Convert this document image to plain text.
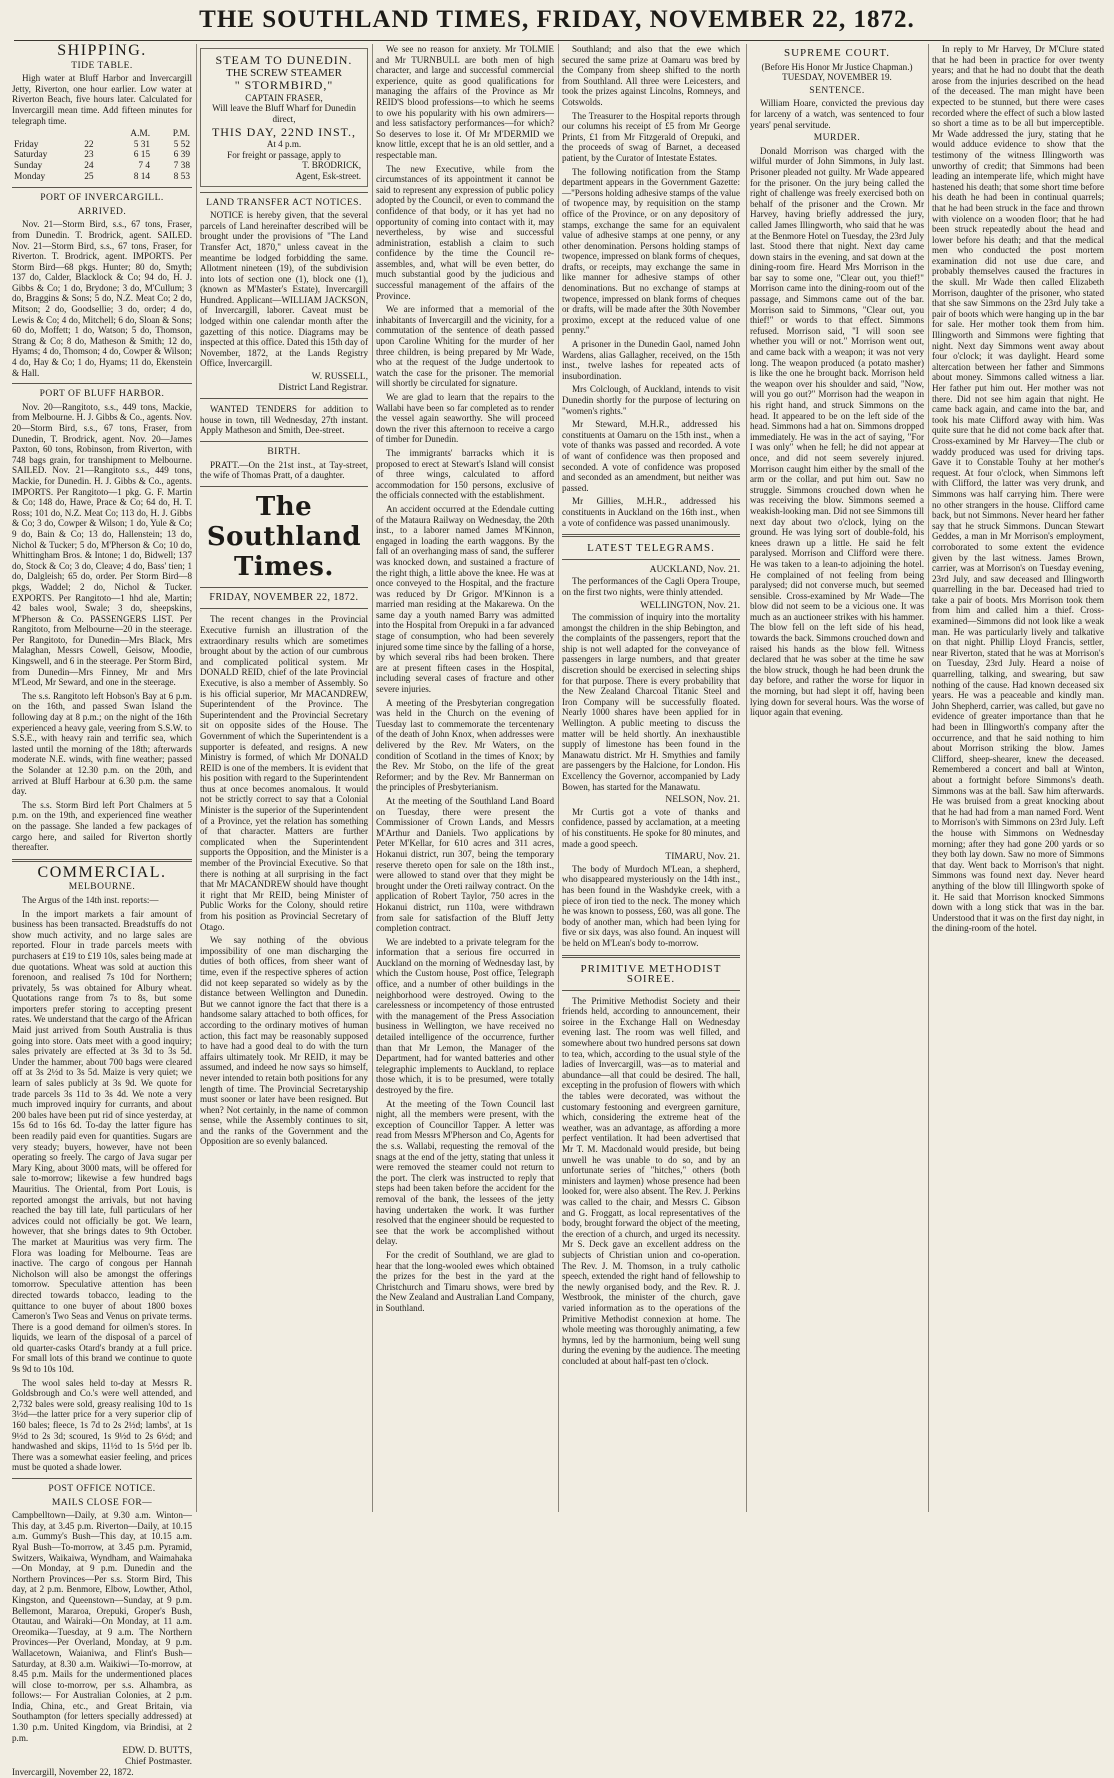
THE SOUTHLAND TIMES, FRIDAY, NOVEMBER 22, 1872.
SHIPPING.
TIDE TABLE.

High water at Bluff Harbor and Invercargill Jetty, Riverton, one hour earlier. Low water at Riverton Beach, five hours later. Calculated for Invercargill mean time. Add fifteen minutes for telegraph time.

		A.M.	P.M.
Friday	22	5 31	5 52
Saturday	23	6 15	6 39
Sunday	24	7 4	7 38
Monday	25	8 14	8 53
PORT OF INVERCARGILL.
ARRIVED.

Nov. 21—Storm Bird, s.s., 67 tons, Fraser, from Dunedin. T. Brodrick, agent. SAILED. Nov. 21—Storm Bird, s.s., 67 tons, Fraser, for Riverton. T. Brodrick, agent. IMPORTS. Per Storm Bird—68 pkgs. Hunter; 80 do, Smyth; 137 do, Calder, Blacklock & Co; 94 do, H. J. Gibbs & Co; 1 do, Brydone; 3 do, M'Cullum; 3 do, Braggins & Sons; 5 do, N.Z. Meat Co; 2 do, Mitson; 2 do, Goodsellie; 3 do, order; 4 do, Lewis & Co; 4 do, Mitchell; 6 do, Sloan & Sons; 60 do, Moffett; 1 do, Watson; 5 do, Thomson, Strang & Co; 8 do, Matheson & Smith; 12 do, Hyams; 4 do, Thomson; 4 do, Cowper & Wilson; 4 do, Hay & Co; 1 do, Hyams; 11 do, Ekenstein & Hall.

PORT OF BLUFF HARBOR.

Nov. 20—Rangitoto, s.s., 449 tons, Mackie, from Melbourne. H. J. Gibbs & Co., agents. Nov. 20—Storm Bird, s.s., 67 tons, Fraser, from Dunedin, T. Brodrick, agent. Nov. 20—James Paxton, 60 tons, Robinson, from Riverton, with 748 bags grain, for transhipment to Melbourne. SAILED. Nov. 21—Rangitoto s.s., 449 tons, Mackie, for Dunedin. H. J. Gibbs & Co., agents. IMPORTS. Per Rangitoto—1 pkg. G. F. Martin & Co; 148 do, Hawe, Prace & Co; 64 do, H. T. Ross; 101 do, N.Z. Meat Co; 113 do, H. J. Gibbs & Co; 3 do, Cowper & Wilson; 1 do, Yule & Co; 9 do, Bain & Co; 13 do, Hallenstein; 13 do, Nichol & Tucker; 5 do, M'Pherson & Co; 10 do, Whittingham Bros. & Intone; 1 do, Bidwell; 137 do, Stock & Co; 3 do, Cleave; 4 do, Bass' tien; 1 do, Dalgleish; 65 do, order. Per Storm Bird—8 pkgs, Waddel; 2 do, Nichol & Tucker. EXPORTS. Per Rangitoto—1 hhd ale, Martin; 42 bales wool, Swale; 3 do, sheepskins, M'Pherson & Co. PASSENGERS LIST. Per Rangitoto, from Melbourne—20 in the steerage. Per Rangitoto, for Dunedin—Mrs Black, Mrs Malaghan, Messrs Cowell, Geisow, Moodie, Kingswell, and 6 in the steerage. Per Storm Bird, from Dunedin—Mrs Finney, Mr and Mrs M'Leod, Mr Seward, and one in the steerage.

The s.s. Rangitoto left Hobson's Bay at 6 p.m. on the 16th, and passed Swan Island the following day at 8 p.m.; on the night of the 16th experienced a heavy gale, veering from S.S.W. to S.S.E., with heavy rain and terrific sea, which lasted until the morning of the 18th; afterwards moderate N.E. winds, with fine weather; passed the Solander at 12.30 p.m. on the 20th, and arrived at Bluff Harbour at 6.30 p.m. the same day.

The s.s. Storm Bird left Port Chalmers at 5 p.m. on the 19th, and experienced fine weather on the passage. She landed a few packages of cargo here, and sailed for Riverton shortly thereafter.

COMMERCIAL.
MELBOURNE.

The Argus of the 14th inst. reports:—

In the import markets a fair amount of business has been transacted. Breadstuffs do not show much activity, and no large sales are reported. Flour in trade parcels meets with purchasers at £19 to £19 10s, sales being made at due quotations. Wheat was sold at auction this forenoon, and realised 7s 10d for Northern; privately, 5s was obtained for Albury wheat. Quotations range from 7s to 8s, but some importers prefer storing to accepting present rates. We understand that the cargo of the African Maid just arrived from South Australia is thus going into store. Oats meet with a good inquiry; sales privately are effected at 3s 3d to 3s 5d. Under the hammer, about 700 bags were cleared off at 3s 2½d to 3s 5d. Maize is very quiet; we learn of sales publicly at 3s 9d. We quote for trade parcels 3s 11d to 3s 4d. We note a very much improved inquiry for currants, and about 200 bales have been put rid of since yesterday, at 15s 6d to 16s 6d. To-day the latter figure has been readily paid even for quantities. Sugars are very steady; buyers, however, have not been operating so freely. The cargo of Java sugar per Mary King, about 3000 mats, will be offered for sale to-morrow; likewise a few hundred bags Mauritius. The Oriental, from Port Louis, is reported amongst the arrivals, but not having reached the bay till late, full particulars of her advices could not officially be got. We learn, however, that she brings dates to 9th October. The market at Mauritius was very firm. The Flora was loading for Melbourne. Teas are inactive. The cargo of congous per Hannah Nicholson will also be amongst the offerings tomorrow. Speculative attention has been directed towards tobacco, leading to the quittance to one buyer of about 1800 boxes Cameron's Two Seas and Venus on private terms. There is a good demand for oilmen's stores. In liquids, we learn of the disposal of a parcel of old quarter-casks Otard's brandy at a full price. For small lots of this brand we continue to quote 9s 9d to 10s 10d.

The wool sales held to-day at Messrs R. Goldsbrough and Co.'s were well attended, and 2,732 bales were sold, greasy realising 10d to 1s 3½d—the latter price for a very superior clip of 160 bales; fleece, 1s 7d to 2s 2½d; lambs', at 1s 9½d to 2s 3d; scoured, 1s 9½d to 2s 6½d; and handwashed and skips, 11½d to 1s 5½d per lb. There was a somewhat easier feeling, and prices must be quoted a shade lower.

POST OFFICE NOTICE.
MAILS CLOSE FOR—

Campbelltown—Daily, at 9.30 a.m. Winton—This day, at 3.45 p.m. Riverton—Daily, at 10.15 a.m. Gummy's Bush—This day, at 10.15 a.m. Ryal Bush—To-morrow, at 3.45 p.m. Pyramid, Switzers, Waikaiwa, Wyndham, and Waimahaka—On Monday, at 9 p.m. Dunedin and the Northern Provinces—Per s.s. Storm Bird, This day, at 2 p.m. Benmore, Elbow, Lowther, Athol, Kingston, and Queenstown—Sunday, at 9 p.m. Bellemont, Mararoa, Orepuki, Groper's Bush, Otautau, and Wairaki—On Monday, at 11 a.m. Oreomika—Tuesday, at 9 a.m. The Northern Provinces—Per Overland, Monday, at 9 p.m. Wallacetown, Waianiwa, and Flint's Bush—Saturday, at 8.30 a.m. Waikiwi—To-morrow, at 8.45 p.m. Mails for the undermentioned places will close to-morrow, per s.s. Alhambra, as follows:— For Australian Colonies, at 2 p.m. India, China, etc., and Great Britain, via Southampton (for letters specially addressed) at 1.30 p.m. United Kingdom, via Brindisi, at 2 p.m.

EDW. D. BUTTS,
Chief Postmaster.
Invercargill, November 22, 1872.
STEAM TO DUNEDIN.
THE SCREW STEAMER
" STORMBIRD,"
CAPTAIN FRASER,
Will leave the Bluff Wharf for Dunedin direct,
THIS DAY, 22ND INST.,
At 4 p.m.
For freight or passage, apply to
T. BRODRICK,
Agent, Esk-street.
LAND TRANSFER ACT NOTICES.

NOTICE is hereby given, that the several parcels of Land hereinafter described will be brought under the provisions of "The Land Transfer Act, 1870," unless caveat in the meantime be lodged forbidding the same. Allotment nineteen (19), of the subdivision into lots of section one (1), block one (1), (known as M'Master's Estate), Invercargill Hundred. Applicant—WILLIAM JACKSON, of Invercargill, laborer. Caveat must be lodged within one calendar month after the gazetting of this notice. Diagrams may be inspected at this office. Dated this 15th day of November, 1872, at the Lands Registry Office, Invercargill.

W. RUSSELL,
District Land Registrar.

WANTED TENDERS for addition to house in town, till Wednesday, 27th instant. Apply Matheson and Smith, Dee-street.

BIRTH.

PRATT.—On the 21st inst., at Tay-street, the wife of Thomas Pratt, of a daughter.

The Southland Times.
FRIDAY, NOVEMBER 22, 1872.

The recent changes in the Provincial Executive furnish an illustration of the extraordinary results which are sometimes brought about by the action of our cumbrous and complicated political system. Mr DONALD REID, chief of the late Provincial Executive, is also a member of Assembly. So is his official superior, Mr MACANDREW, Superintendent of the Province. The Superintendent and the Provincial Secretary sit on opposite sides of the House. The Government of which the Superintendent is a supporter is defeated, and resigns. A new Ministry is formed, of which Mr DONALD REID is one of the members. It is evident that his position with regard to the Superintendent thus at once becomes anomalous. It would not be strictly correct to say that a Colonial Minister is the superior of the Superintendent of a Province, yet the relation has something of that character. Matters are further complicated when the Superintendent supports the Opposition, and the Minister is a member of the Provincial Executive. So that there is nothing at all surprising in the fact that Mr MACANDREW should have thought it right that Mr REID, being Minister of Public Works for the Colony, should retire from his position as Provincial Secretary of Otago.

We say nothing of the obvious impossibility of one man discharging the duties of both offices, from sheer want of time, even if the respective spheres of action did not keep separated so widely as by the distance between Wellington and Dunedin. But we cannot ignore the fact that there is a handsome salary attached to both offices, for according to the ordinary motives of human action, this fact may be reasonably supposed to have had a good deal to do with the turn affairs ultimately took. Mr REID, it may be assumed, and indeed he now says so himself, never intended to retain both positions for any length of time. The Provincial Secretaryship must sooner or later have been resigned. But when? Not certainly, in the name of common sense, while the Assembly continues to sit, and the ranks of the Government and the Opposition are so evenly balanced.

We see no reason for anxiety. Mr TOLMIE and Mr TURNBULL are both men of high character, and large and successful commercial experience, quite as good qualifications for managing the affairs of the Province as Mr REID'S blood professions—to which he seems to owe his popularity with his own admirers—and less satisfactory performances—for which? So deserves to lose it. Of Mr M'DERMID we know little, except that he is an old settler, and a respectable man.

The new Executive, while from the circumstances of its appointment it cannot be said to represent any expression of public policy adopted by the Council, or even to command the confidence of that body, or it has yet had no opportunity of coming into contact with it, may nevertheless, by wise and successful administration, establish a claim to such confidence by the time the Council re-assembles, and, what will be even better, do much substantial good by the judicious and successful management of the affairs of the Province.

We are informed that a memorial of the inhabitants of Invercargill and the vicinity, for a commutation of the sentence of death passed upon Caroline Whiting for the murder of her three children, is being prepared by Mr Wade, who at the request of the Judge undertook to watch the case for the prisoner. The memorial will shortly be circulated for signature.

We are glad to learn that the repairs to the Wallabi have been so far completed as to render the vessel again seaworthy. She will proceed down the river this afternoon to receive a cargo of timber for Dunedin.

The immigrants' barracks which it is proposed to erect at Stewart's Island will consist of three wings, calculated to afford accommodation for 150 persons, exclusive of the officials connected with the establishment.

An accident occurred at the Edendale cutting of the Mataura Railway on Wednesday, the 20th inst., to a laborer named James M'Kinnon, engaged in loading the earth waggons. By the fall of an overhanging mass of sand, the sufferer was knocked down, and sustained a fracture of the right thigh, a little above the knee. He was at once conveyed to the Hospital, and the fracture was reduced by Dr Grigor. M'Kinnon is a married man residing at the Makarewa. On the same day a youth named Barry was admitted into the Hospital from Orepuki in a far advanced stage of consumption, who had been severely injured some time since by the falling of a horse, by which several ribs had been broken. There are at present fifteen cases in the Hospital, including several cases of fracture and other severe injuries.

A meeting of the Presbyterian congregation was held in the Church on the evening of Tuesday last to commemorate the tercentenary of the death of John Knox, when addresses were delivered by the Rev. Mr Waters, on the condition of Scotland in the times of Knox; by the Rev. Mr Stobo, on the life of the great Reformer; and by the Rev. Mr Bannerman on the principles of Presbyterianism.

At the meeting of the Southland Land Board on Tuesday, there were present the Commissioner of Crown Lands, and Messrs M'Arthur and Daniels. Two applications by Peter M'Kellar, for 610 acres and 311 acres, Hokanui district, run 307, being the temporary reserve thereto open for sale on the 18th inst., were allowed to stand over that they might be brought under the Oreti railway contract. On the application of Robert Taylor, 750 acres in the Hokanui district, run 110a, were withdrawn from sale for satisfaction of the Bluff Jetty completion contract.

We are indebted to a private telegram for the information that a serious fire occurred in Auckland on the morning of Wednesday last, by which the Custom house, Post office, Telegraph office, and a number of other buildings in the neighborhood were destroyed. Owing to the carelessness or incompetency of those entrusted with the management of the Press Association business in Wellington, we have received no detailed intelligence of the occurrence, further than that Mr Lemon, the Manager of the Department, had for wanted batteries and other telegraphic implements to Auckland, to replace those which, it is to be presumed, were totally destroyed by the fire.

At the meeting of the Town Council last night, all the members were present, with the exception of Councillor Tapper. A letter was read from Messrs M'Pherson and Co, Agents for the s.s. Wallabi, requesting the removal of the snags at the end of the jetty, stating that unless it were removed the steamer could not return to the port. The clerk was instructed to reply that steps had been taken before the accident for the removal of the bank, the lessees of the jetty having undertaken the work. It was further resolved that the engineer should be requested to see that the work be accomplished without delay.

For the credit of Southland, we are glad to hear that the long-wooled ewes which obtained the prizes for the best in the yard at the Christchurch and Timaru shows, were bred by the New Zealand and Australian Land Company, in Southland.

Southland; and also that the ewe which secured the same prize at Oamaru was bred by the Company from sheep shifted to the north from Southland. All three were Leicesters, and took the prizes against Lincolns, Romneys, and Cotswolds.

The Treasurer to the Hospital reports through our columns his receipt of £5 from Mr George Prints, £1 from Mr Fitzgerald of Orepuki, and the proceeds of swag of Barnet, a deceased patient, by the Curator of Intestate Estates.

The following notification from the Stamp department appears in the Government Gazette:—"Persons holding adhesive stamps of the value of twopence may, by requisition on the stamp office of the Province, or on any depository of stamps, exchange the same for an equivalent value of adhesive stamps at one penny, or any other denomination. Persons holding stamps of twopence, impressed on blank forms of cheques, drafts, or receipts, may exchange the same in like manner for adhesive stamps of other denominations. But no exchange of stamps at twopence, impressed on blank forms of cheques or drafts, will be made after the 30th November proximo, except at the reduced value of one penny."

A prisoner in the Dunedin Gaol, named John Wardens, alias Gallagher, received, on the 15th inst., twelve lashes for repeated acts of insubordination.

Mrs Colclough, of Auckland, intends to visit Dunedin shortly for the purpose of lecturing on "women's rights."

Mr Steward, M.H.R., addressed his constituents at Oamaru on the 15th inst., when a vote of thanks was passed and recorded. A vote of want of confidence was then proposed and seconded. A vote of confidence was proposed and seconded as an amendment, but neither was passed.

Mr Gillies, M.H.R., addressed his constituents in Auckland on the 16th inst., when a vote of confidence was passed unanimously.

LATEST TELEGRAMS.
AUCKLAND, Nov. 21.

The performances of the Cagli Opera Troupe, on the first two nights, were thinly attended.

WELLINGTON, Nov. 21.

The commission of inquiry into the mortality amongst the children in the ship Bebington, and the complaints of the passengers, report that the ship is not well adapted for the conveyance of passengers in large numbers, and that greater discretion should be exercised in selecting ships for that purpose. There is every probability that the New Zealand Charcoal Titanic Steel and Iron Company will be successfully floated. Nearly 1000 shares have been applied for in Wellington. A public meeting to discuss the matter will be held shortly. An inexhaustible supply of limestone has been found in the Manawatu district. Mr H. Smythies and family are passengers by the Halcione, for London. His Excellency the Governor, accompanied by Lady Bowen, has started for the Manawatu.

NELSON, Nov. 21.

Mr Curtis got a vote of thanks and confidence, passed by acclamation, at a meeting of his constituents. He spoke for 80 minutes, and made a good speech.

TIMARU, Nov. 21.

The body of Murdoch M'Lean, a shepherd, who disappeared mysteriously on the 14th inst., has been found in the Washdyke creek, with a piece of iron tied to the neck. The money which he was known to possess, £60, was all gone. The body of another man, which had been lying for five or six days, was also found. An inquest will be held on M'Lean's body to-morrow.

PRIMITIVE METHODIST SOIREE.

The Primitive Methodist Society and their friends held, according to announcement, their soiree in the Exchange Hall on Wednesday evening last. The room was well filled, and somewhere about two hundred persons sat down to tea, which, according to the usual style of the ladies of Invercargill, was—as to material and abundance—all that could be desired. The hall, excepting in the profusion of flowers with which the tables were decorated, was without the customary festooning and evergreen garniture, which, considering the extreme heat of the weather, was an advantage, as affording a more perfect ventilation. It had been advertised that Mr T. M. Macdonald would preside, but being unwell he was unable to do so, and by an unfortunate series of "hitches," others (both ministers and laymen) whose presence had been looked for, were also absent. The Rev. J. Perkins was called to the chair, and Messrs C. Gibson and G. Froggatt, as local representatives of the body, brought forward the object of the meeting, the erection of a church, and urged its necessity. Mr S. Deck gave an excellent address on the subjects of Christian union and co-operation. The Rev. J. M. Thomson, in a truly catholic speech, extended the right hand of fellowship to the newly organised body, and the Rev. R. J. Westbrook, the minister of the church, gave varied information as to the operations of the Primitive Methodist connexion at home. The whole meeting was thoroughly animating, a few hymns, led by the harmonium, being well sung during the evening by the audience. The meeting concluded at about half-past ten o'clock.

SUPREME COURT.
(Before His Honor Mr Justice Chapman.)
TUESDAY, NOVEMBER 19.
SENTENCE.

William Hoare, convicted the previous day for larceny of a watch, was sentenced to four years' penal servitude.

MURDER.

Donald Morrison was charged with the wilful murder of John Simmons, in July last. Prisoner pleaded not guilty. Mr Wade appeared for the prisoner. On the jury being called the right of challenge was freely exercised both on behalf of the prisoner and the Crown. Mr Harvey, having briefly addressed the jury, called James Illingworth, who said that he was at the Benmore Hotel on Tuesday, the 23rd July last. Stood there that night. Next day came down stairs in the evening, and sat down at the dining-room fire. Heard Mrs Morrison in the bar say to some one, "Clear out, you thief!" Morrison came into the dining-room out of the passage, and Simmons came out of the bar. Morrison said to Simmons, "Clear out, you thief!" or words to that effect. Simmons refused. Morrison said, "I will soon see whether you will or not." Morrison went out, and came back with a weapon; it was not very long. The weapon produced (a potato masher) is like the one he brought back. Morrison held the weapon over his shoulder and said, "Now, will you go out?" Morrison had the weapon in his right hand, and struck Simmons on the head. It appeared to be on the left side of the head. Simmons had a hat on. Simmons dropped immediately. He was in the act of saying, "For I was only" when he fell; he did not appear at once, and did not seem severely injured. Morrison caught him either by the small of the arm or the collar, and put him out. Saw no struggle. Simmons crouched down when he was receiving the blow. Simmons seemed a weakish-looking man. Did not see Simmons till next day about two o'clock, lying on the ground. He was lying sort of double-fold, his knees drawn up a little. He said he felt paralysed. Morrison and Clifford were there. He was taken to a lean-to adjoining the hotel. He complained of not feeling from being paralysed; did not converse much, but seemed sensible. Cross-examined by Mr Wade—The blow did not seem to be a vicious one. It was much as an auctioneer strikes with his hammer. The blow fell on the left side of his head, towards the back. Simmons crouched down and raised his hands as the blow fell. Witness declared that he was sober at the time he saw the blow struck, though he had been drunk the day before, and rather the worse for liquor in the morning, but had slept it off, having been lying down for several hours. Was the worse of liquor again that evening.

In reply to Mr Harvey, Dr M'Clure stated that he had been in practice for over twenty years; and that he had no doubt that the death arose from the injuries described on the head of the deceased. The man might have been expected to be stunned, but there were cases recorded where the effect of such a blow lasted so short a time as to be all but imperceptible. Mr Wade addressed the jury, stating that he would adduce evidence to show that the testimony of the witness Illingworth was unworthy of credit; that Simmons had been leading an intemperate life, which might have hastened his death; that some short time before his death he had been in continual quarrels; that he had been struck in the face and thrown with violence on a wooden floor; that he had been struck repeatedly about the head and lower before his death; and that the medical men who conducted the post mortem examination did not use due care, and probably themselves caused the fractures in the skull. Mr Wade then called Elizabeth Morrison, daughter of the prisoner, who stated that she saw Simmons on the 23rd July take a pair of boots which were hanging up in the bar for sale. Her mother took them from him. Illingworth and Simmons were fighting that night. Next day Simmons went away about four o'clock; it was daylight. Heard some altercation between her father and Simmons about money. Simmons called witness a liar. Her father put him out. Her mother was not there. Did not see him again that night. He came back again, and came into the bar, and took his mate Clifford away with him. Was quite sure that he did not come back after that. Cross-examined by Mr Harvey—The club or waddy produced was used for driving taps. Gave it to Constable Touhy at her mother's request. At four o'clock, when Simmons left with Clifford, the latter was very drunk, and Simmons was half carrying him. There were no other strangers in the house. Clifford came back, but not Simmons. Never heard her father say that he struck Simmons. Duncan Stewart Geddes, a man in Mr Morrison's employment, corroborated to some extent the evidence given by the last witness. James Brown, carrier, was at Morrison's on Tuesday evening, 23rd July, and saw deceased and Illingworth quarrelling in the bar. Deceased had tried to take a pair of boots. Mrs Morrison took them from him and called him a thief. Cross-examined—Simmons did not look like a weak man. He was particularly lively and talkative on that night. Phillip Lloyd Francis, settler, near Riverton, stated that he was at Morrison's on Tuesday, 23rd July. Heard a noise of quarrelling, talking, and swearing, but saw nothing of the cause. Had known deceased six years. He was a peaceable and kindly man. John Shepherd, carrier, was called, but gave no evidence of greater importance than that he had been in Illingworth's company after the occurrence, and that he said nothing to him about Morrison striking the blow. James Clifford, sheep-shearer, knew the deceased. Remembered a concert and ball at Winton, about a fortnight before Simmons's death. Simmons was at the ball. Saw him afterwards. He was bruised from a great knocking about that he had had from a man named Ford. Went to Morrison's with Simmons on 23rd July. Left the house with Simmons on Wednesday morning; after they had gone 200 yards or so they both lay down. Saw no more of Simmons that day. Went back to Morrison's that night. Simmons was found next day. Never heard anything of the blow till Illingworth spoke of it. He said that Morrison knocked Simmons down with a long stick that was in the bar. Understood that it was on the first day night, in the dining-room of the hotel.
